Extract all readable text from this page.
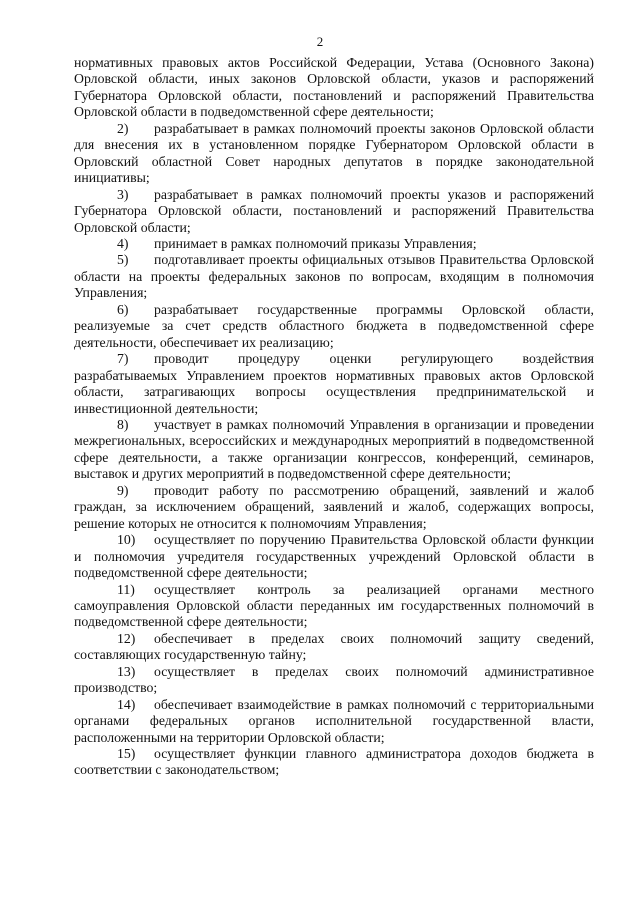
2

нормативных правовых актов Российской Федерации, Устава (Основного Закона) Орловской области, иных законов Орловской области, указов и распоряжений Губернатора Орловской области, постановлений и распоряжений Правительства Орловской области в подведомственной сфере деятельности;

2) разрабатывает в рамках полномочий проекты законов Орловской области для внесения их в установленном порядке Губернатором Орловской области в Орловский областной Совет народных депутатов в порядке законодательной инициативы;

3) разрабатывает в рамках полномочий проекты указов и распоряжений Губернатора Орловской области, постановлений и распоряжений Правительства Орловской области;

4) принимает в рамках полномочий приказы Управления;

5) подготавливает проекты официальных отзывов Правительства Орловской области на проекты федеральных законов по вопросам, входящим в полномочия Управления;

6) разрабатывает государственные программы Орловской области, реализуемые за счет средств областного бюджета в подведомственной сфере деятельности, обеспечивает их реализацию;

7) проводит процедуру оценки регулирующего воздействия разрабатываемых Управлением проектов нормативных правовых актов Орловской области, затрагивающих вопросы осуществления предпринимательской и инвестиционной деятельности;

8) участвует в рамках полномочий Управления в организации и проведении межрегиональных, всероссийских и международных мероприятий в подведомственной сфере деятельности, а также организации конгрессов, конференций, семинаров, выставок и других мероприятий в подведомственной сфере деятельности;

9) проводит работу по рассмотрению обращений, заявлений и жалоб граждан, за исключением обращений, заявлений и жалоб, содержащих вопросы, решение которых не относится к полномочиям Управления;

10) осуществляет по поручению Правительства Орловской области функции и полномочия учредителя государственных учреждений Орловской области в подведомственной сфере деятельности;

11) осуществляет контроль за реализацией органами местного самоуправления Орловской области переданных им государственных полномочий в подведомственной сфере деятельности;

12) обеспечивает в пределах своих полномочий защиту сведений, составляющих государственную тайну;

13) осуществляет в пределах своих полномочий административное производство;

14) обеспечивает взаимодействие в рамках полномочий с территориальными органами федеральных органов исполнительной государственной власти, расположенными на территории Орловской области;

15) осуществляет функции главного администратора доходов бюджета в соответствии с законодательством;
